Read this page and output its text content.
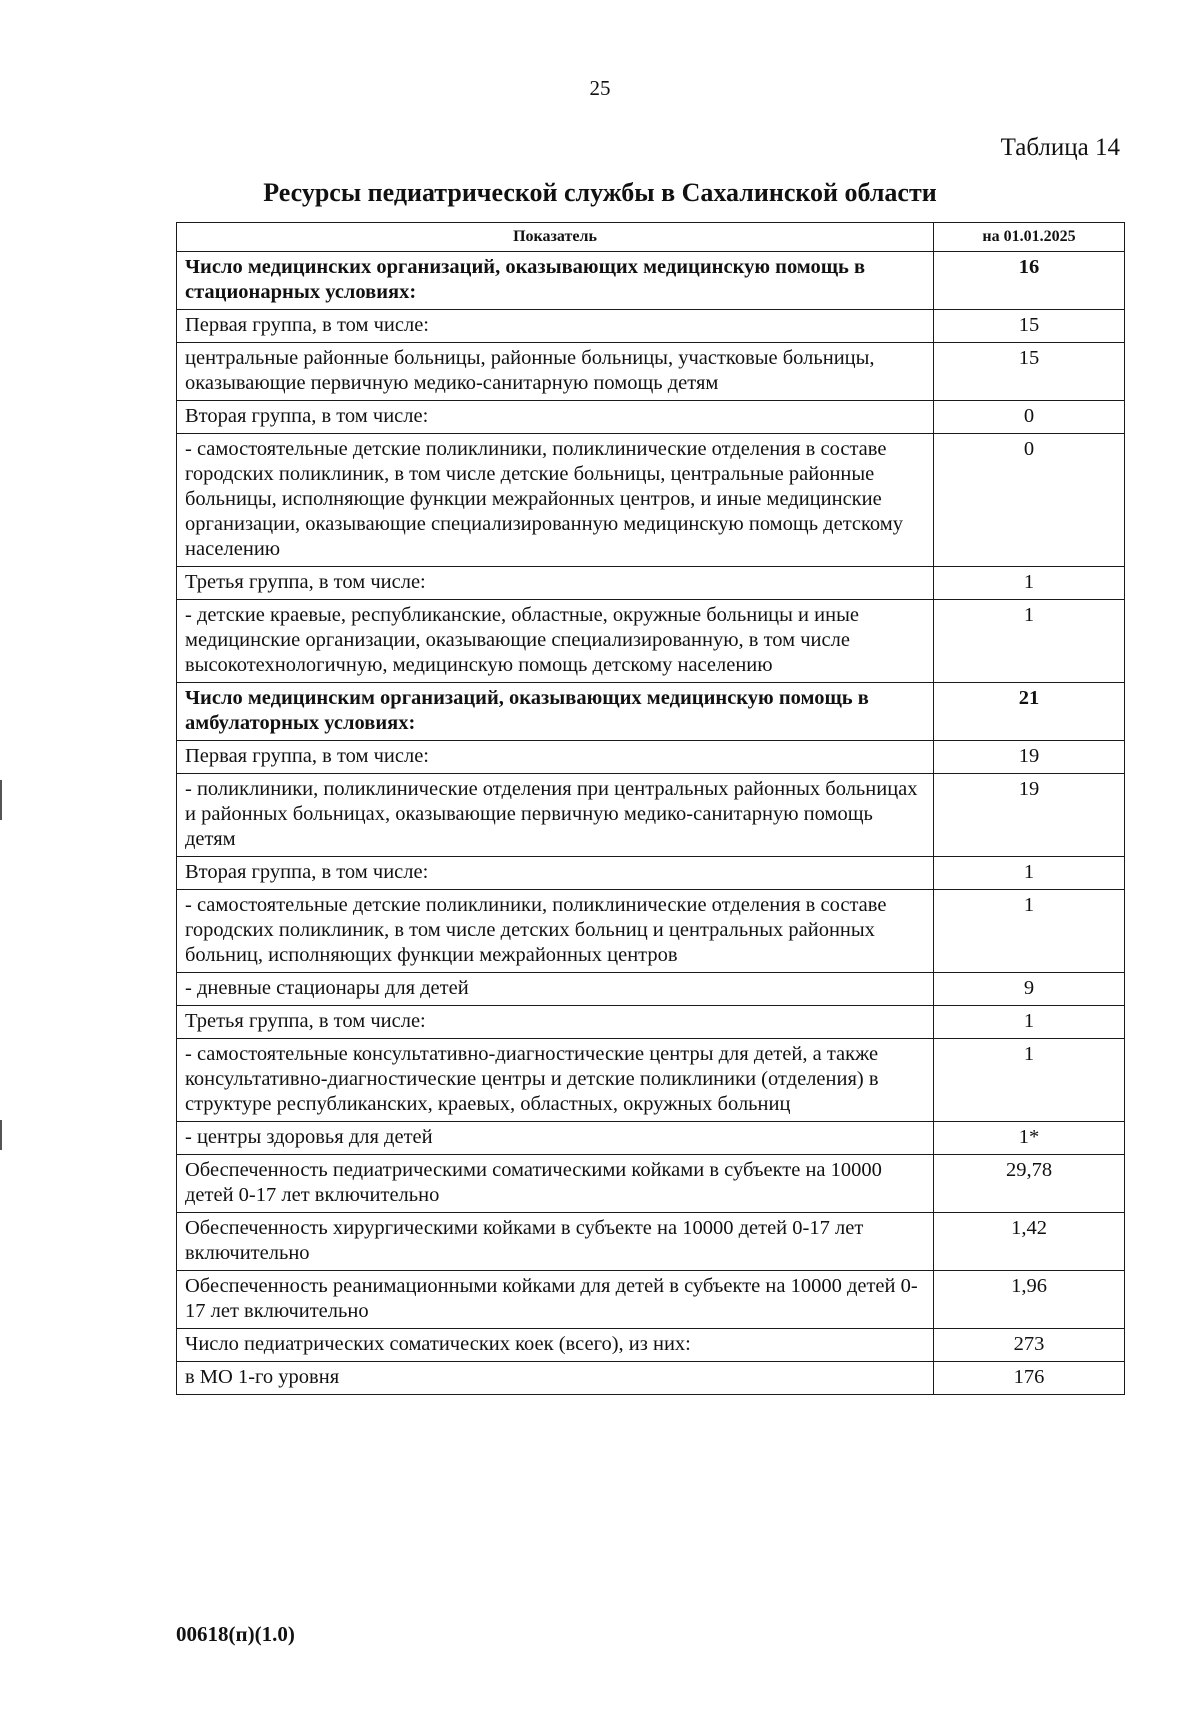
25
Таблица 14
Ресурсы педиатрической службы в Сахалинской области
Показатель	на 01.01.2025
Число медицинских организаций, оказывающих медицинскую помощь в стационарных условиях:	16
Первая группа, в том числе:	15
центральные районные больницы, районные больницы, участковые больницы, оказывающие первичную медико-санитарную помощь детям	15
Вторая группа, в том числе:	0
- самостоятельные детские поликлиники, поликлинические отделения в составе городских поликлиник, в том числе детские больницы, центральные районные больницы, исполняющие функции межрайонных центров, и иные медицинские организации, оказывающие специализированную медицинскую помощь детскому населению	0
Третья группа, в том числе:	1
- детские краевые, республиканские, областные, окружные больницы и иные медицинские организации, оказывающие специализированную, в том числе высокотехнологичную, медицинскую помощь детскому населению	1
Число медицинским организаций, оказывающих медицинскую помощь в амбулаторных условиях:	21
Первая группа, в том числе:	19
- поликлиники, поликлинические отделения при центральных районных больницах и районных больницах, оказывающие первичную медико-санитарную помощь детям	19
Вторая группа, в том числе:	1
- самостоятельные детские поликлиники, поликлинические отделения в составе городских поликлиник, в том числе детских больниц и центральных районных больниц, исполняющих функции межрайонных центров	1
- дневные стационары для детей	9
Третья группа, в том числе:	1
- самостоятельные консультативно-диагностические центры для детей, а также консультативно-диагностические центры и детские поликлиники (отделения) в структуре республиканских, краевых, областных, окружных больниц	1
- центры здоровья для детей	1*
Обеспеченность педиатрическими соматическими койками в субъекте на 10000 детей 0-17 лет включительно	29,78
Обеспеченность хирургическими койками в субъекте на 10000 детей 0-17 лет включительно	1,42
Обеспеченность реанимационными койками для детей в субъекте на 10000 детей 0-17 лет включительно	1,96
Число педиатрических соматических коек (всего), из них:	273
в МО 1-го уровня	176
00618(п)(1.0)
